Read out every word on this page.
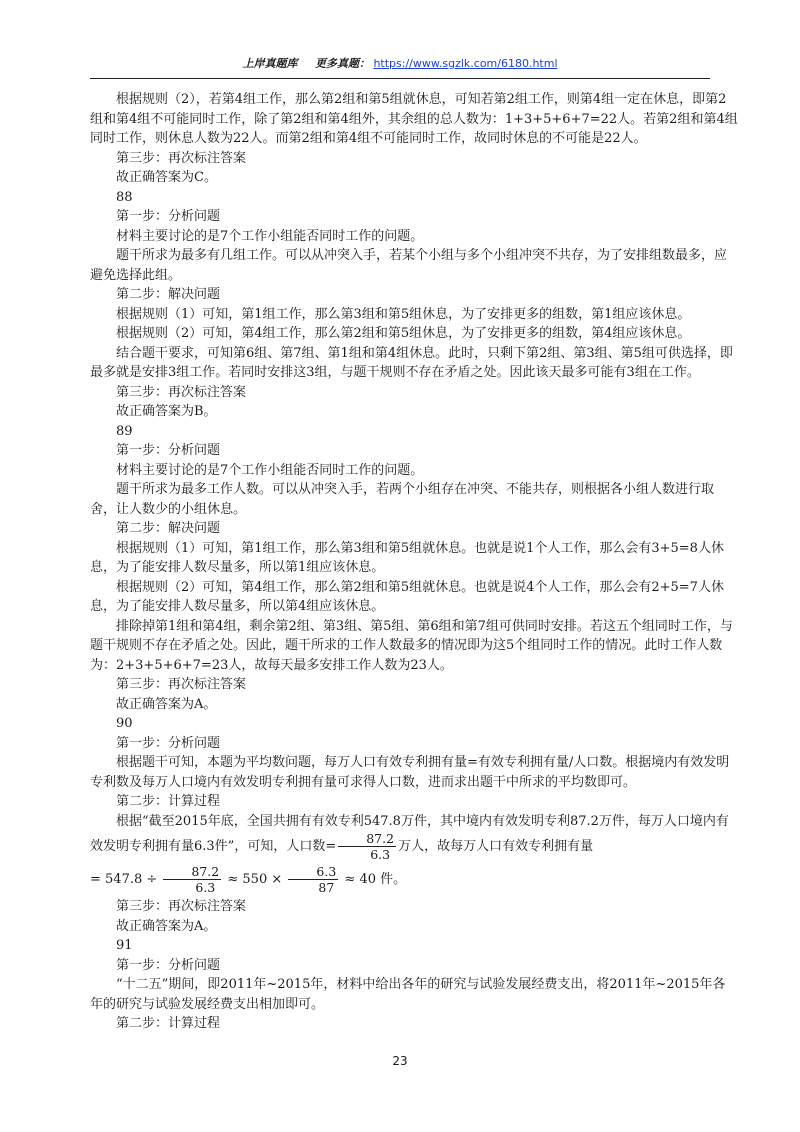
上岸真题库 更多真题： https://www.sgzlk.com/6180.html

根据规则（2），若第4组工作，那么第2组和第5组就休息，可知若第2组工作，则第4组一定在休息，即第2组和第4组不可能同时工作，除了第2组和第4组外，其余组的总人数为：1+3+5+6+7=22人。若第2组和第4组同时工作，则休息人数为22人。而第2组和第4组不可能同时工作，故同时休息的不可能是22人。

第三步：再次标注答案

故正确答案为C。

88

第一步：分析问题

材料主要讨论的是7个工作小组能否同时工作的问题。

题干所求为最多有几组工作。可以从冲突入手，若某个小组与多个小组冲突不共存，为了安排组数最多，应避免选择此组。

第二步：解决问题

根据规则（1）可知，第1组工作，那么第3组和第5组休息，为了安排更多的组数，第1组应该休息。

根据规则（2）可知，第4组工作，那么第2组和第5组休息，为了安排更多的组数，第4组应该休息。

结合题干要求，可知第6组、第7组、第1组和第4组休息。此时，只剩下第2组、第3组、第5组可供选择，即最多就是安排3组工作。若同时安排这3组，与题干规则不存在矛盾之处。因此该天最多可能有3组在工作。

第三步：再次标注答案

故正确答案为B。

89

第一步：分析问题

材料主要讨论的是7个工作小组能否同时工作的问题。

题干所求为最多工作人数。可以从冲突入手，若两个小组存在冲突、不能共存，则根据各小组人数进行取舍，让人数少的小组休息。

第二步：解决问题

根据规则（1）可知，第1组工作，那么第3组和第5组就休息。也就是说1个人工作，那么会有3+5=8人休息，为了能安排人数尽量多，所以第1组应该休息。

根据规则（2）可知，第4组工作，那么第2组和第5组就休息。也就是说4个人工作，那么会有2+5=7人休息，为了能安排人数尽量多，所以第4组应该休息。

排除掉第1组和第4组，剩余第2组、第3组、第5组、第6组和第7组可供同时安排。若这五个组同时工作，与题干规则不存在矛盾之处。因此，题干所求的工作人数最多的情况即为这5个组同时工作的情况。此时工作人数为：2+3+5+6+7=23人，故每天最多安排工作人数为23人。

第三步：再次标注答案

故正确答案为A。

90

第一步：分析问题

根据题干可知，本题为平均数问题，每万人口有效专利拥有量=有效专利拥有量/人口数。根据境内有效发明专利数及每万人口境内有效发明专利拥有量可求得人口数，进而求出题干中所求的平均数即可。

第二步：计算过程

根据“截至2015年底，全国共拥有有效专利547.8万件，其中境内有效发明专利87.2万件，每万人口境内有效发明专利拥有量6.3件”，可知，人口数= $\frac{87.2}{6.3}$ 万人，故每万人口有效专利拥有量

= $547.8 \div \frac{87.2}{6.3} \approx 550 \times \frac{6.3}{87} \approx 40$ 件。

第三步：再次标注答案

故正确答案为A。

91

第一步：分析问题

“十二五”期间，即2011年~2015年，材料中给出各年的研究与试验发展经费支出，将2011年~2015年各年的研究与试验发展经费支出相加即可。

第二步：计算过程

23
